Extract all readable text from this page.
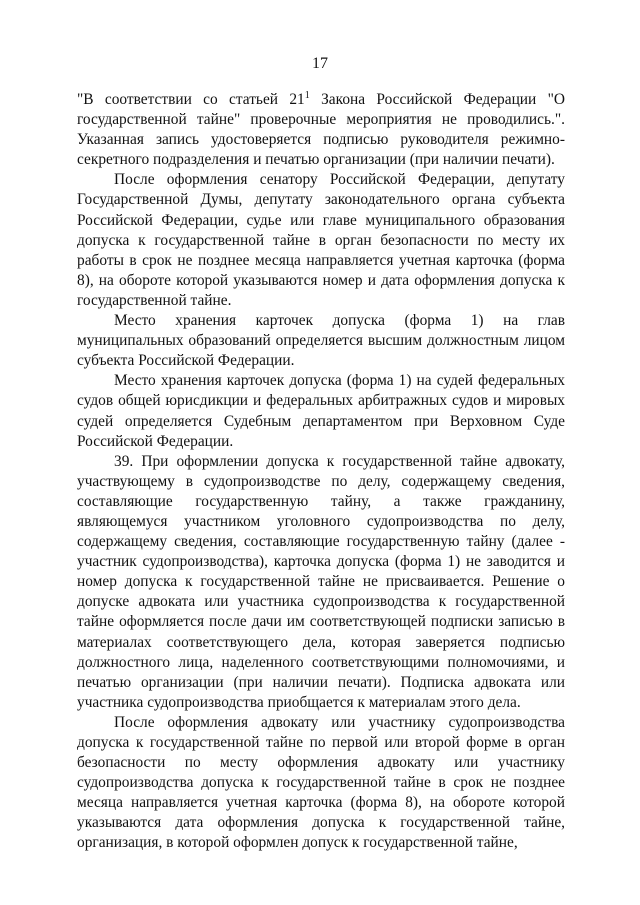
17

"В соответствии со статьей $21^1$ Закона Российской Федерации "О государственной тайне" проверочные мероприятия не проводились.". Указанная запись удостоверяется подписью руководителя режимно-секретного подразделения и печатью организации (при наличии печати).

После оформления сенатору Российской Федерации, депутату Государственной Думы, депутату законодательного органа субъекта Российской Федерации, судье или главе муниципального образования допуска к государственной тайне в орган безопасности по месту их работы в срок не позднее месяца направляется учетная карточка (форма 8), на обороте которой указываются номер и дата оформления допуска к государственной тайне.

Место хранения карточек допуска (форма 1) на глав муниципальных образований определяется высшим должностным лицом субъекта Российской Федерации.

Место хранения карточек допуска (форма 1) на судей федеральных судов общей юрисдикции и федеральных арбитражных судов и мировых судей определяется Судебным департаментом при Верховном Суде Российской Федерации.

39. При оформлении допуска к государственной тайне адвокату, участвующему в судопроизводстве по делу, содержащему сведения, составляющие государственную тайну, а также гражданину, являющемуся участником уголовного судопроизводства по делу, содержащему сведения, составляющие государственную тайну (далее - участник судопроизводства), карточка допуска (форма 1) не заводится и номер допуска к государственной тайне не присваивается. Решение о допуске адвоката или участника судопроизводства к государственной тайне оформляется после дачи им соответствующей подписки записью в материалах соответствующего дела, которая заверяется подписью должностного лица, наделенного соответствующими полномочиями, и печатью организации (при наличии печати). Подписка адвоката или участника судопроизводства приобщается к материалам этого дела.

После оформления адвокату или участнику судопроизводства допуска к государственной тайне по первой или второй форме в орган безопасности по месту оформления адвокату или участнику судопроизводства допуска к государственной тайне в срок не позднее месяца направляется учетная карточка (форма 8), на обороте которой указываются дата оформления допуска к государственной тайне, организация, в которой оформлен допуск к государственной тайне,
